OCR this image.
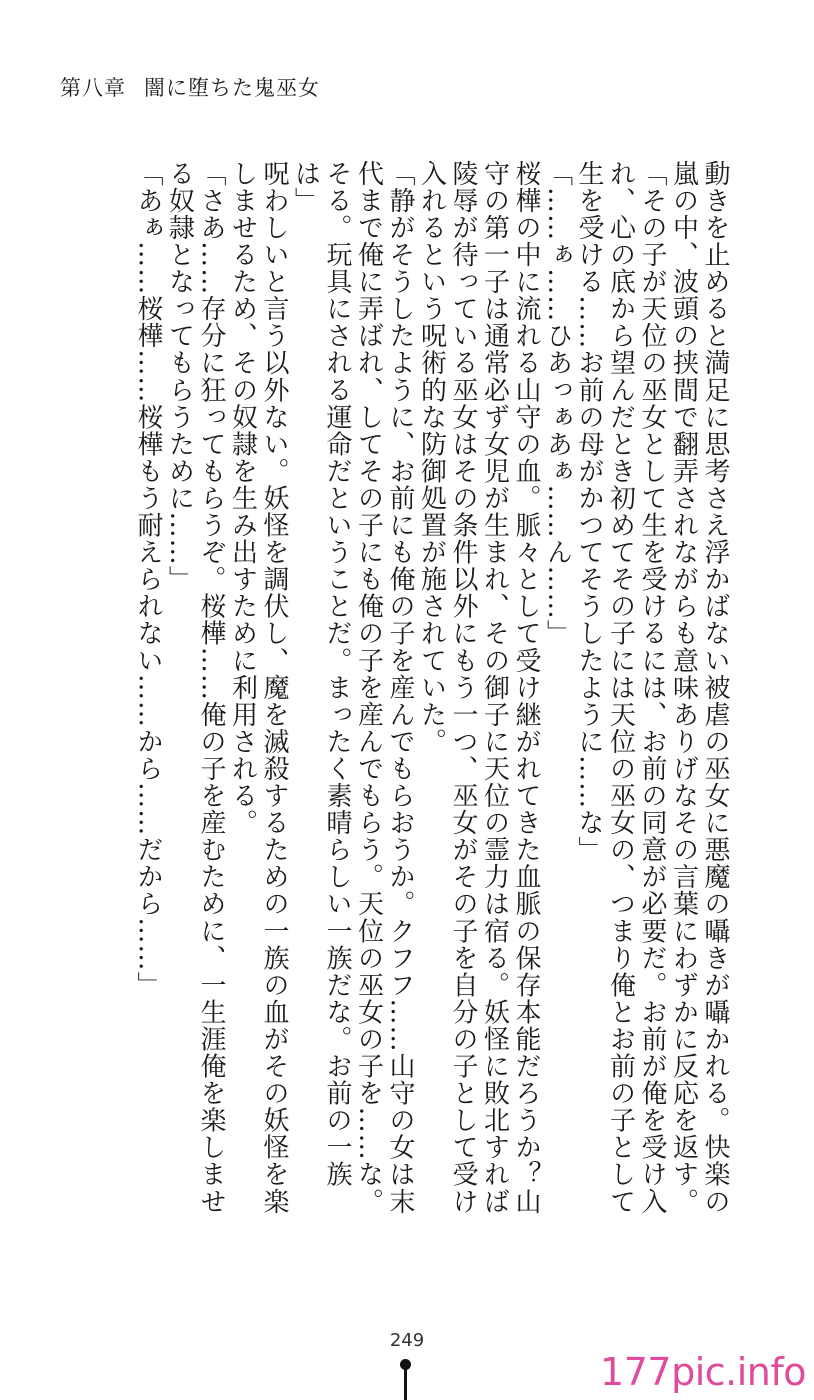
第八章 闇に堕ちた鬼巫女

動きを止めると満足に思考さえ浮かばない被虐の巫女に悪魔の囁きが囁かれる。快楽の嵐の中、波頭の挟間で翻弄されながらも意味ありげなその言葉にわずかに反応を返す。

「その子が天位の巫女として生を受けるには、お前の同意が必要だ。お前が俺を受け入れ、心の底から望んだとき初めてその子には天位の巫女の、つまり俺とお前の子として生を受ける……お前の母がかつてそうしたように……な」

「……ぁ……ひあっぁあぁ……ん……」

桜樺の中に流れる山守の血。脈々として受け継がれてきた血脈の保存本能だろうか？山守の第一子は通常必ず女児が生まれ、その御子に天位の霊力は宿る。妖怪に敗北すれば陵辱が待っている巫女はその条件以外にもう一つ、巫女がその子を自分の子として受け入れるという呪術的な防御処置が施されていた。

「静がそうしたように、お前にも俺の子を産んでもらおうか。クフフ……山守の女は末代まで俺に弄ばれ、してその子にも俺の子を産んでもらう。天位の巫女の子を……な。そる。玩具にされる運命だということだ。まったく素晴らしい一族だな。お前の一族は」

呪わしいと言う以外ない。妖怪を調伏し、魔を滅殺するための一族の血がその妖怪を楽しませるため、その奴隷を生み出すために利用される。

「さあ……存分に狂ってもらうぞ。桜樺……俺の子を産むために、一生涯俺を楽しませる奴隷となってもらうために……」

「あぁ……桜樺……桜樺もう耐えられない……から……だから……」

249
177pic.info
